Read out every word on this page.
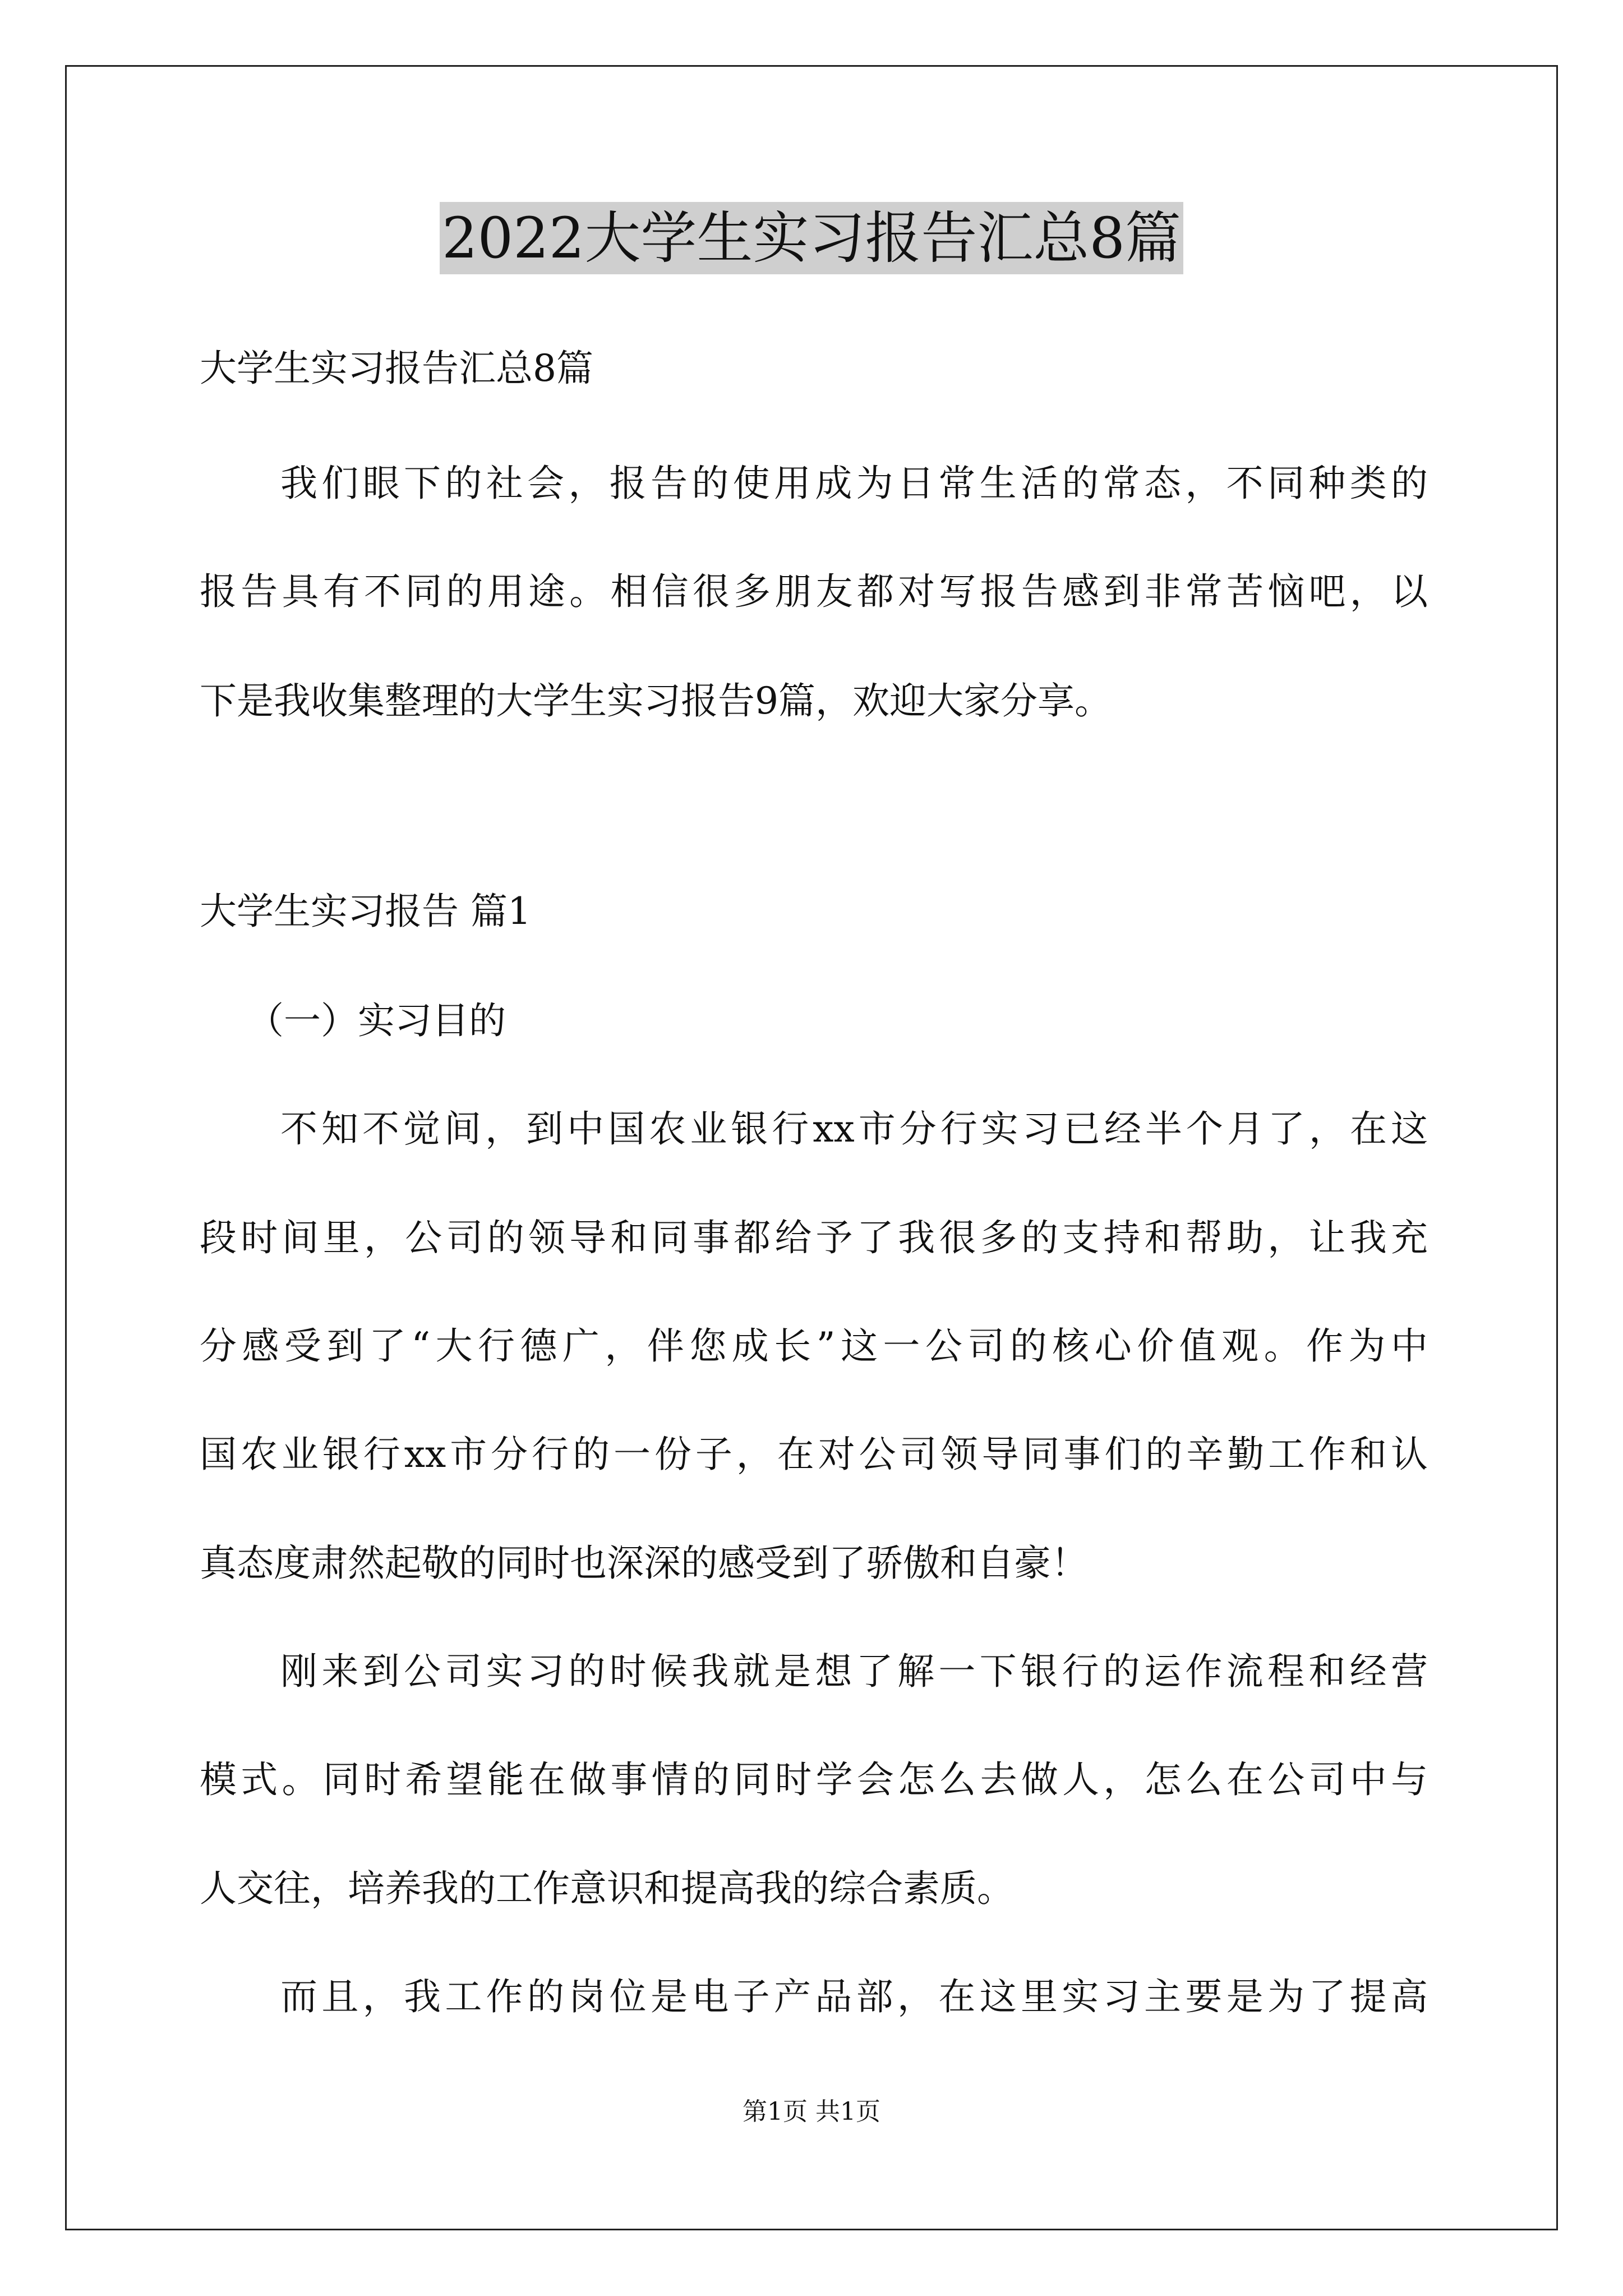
2022大学生实习报告汇总8篇
大学生实习报告汇总8篇
我们眼下的社会，报告的使用成为日常生活的常态，不同种类的
报告具有不同的用途。相信很多朋友都对写报告感到非常苦恼吧，以
下是我收集整理的大学生实习报告9篇，欢迎大家分享。
大学生实习报告 篇1
（一）实习目的
不知不觉间，到中国农业银行xx市分行实习已经半个月了，在这
段时间里，公司的领导和同事都给予了我很多的支持和帮助，让我充
分感受到了“大行德广，伴您成长”这一公司的核心价值观。作为中
国农业银行xx市分行的一份子，在对公司领导同事们的辛勤工作和认
真态度肃然起敬的同时也深深的感受到了骄傲和自豪！
刚来到公司实习的时候我就是想了解一下银行的运作流程和经营
模式。同时希望能在做事情的同时学会怎么去做人，怎么在公司中与
人交往，培养我的工作意识和提高我的综合素质。
而且，我工作的岗位是电子产品部，在这里实习主要是为了提高
第1页 共1页
